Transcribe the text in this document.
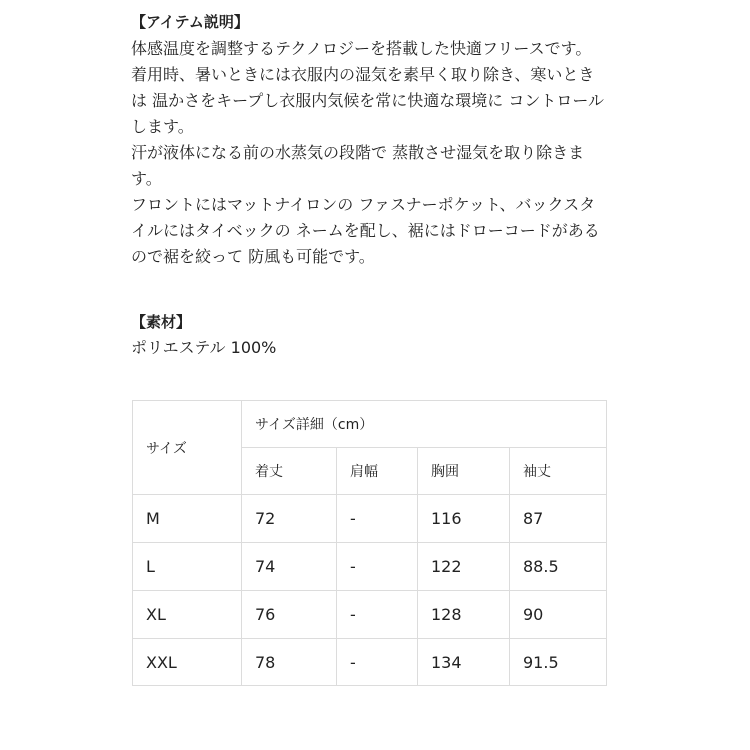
【アイテム説明】
体感温度を調整するテクノロジーを搭載した快適フリースです。
着用時、暑いときには衣服内の湿気を素早く取り除き、寒いとき
は 温かさをキープし衣服内気候を常に快適な環境に コントロール
します。
汗が液体になる前の水蒸気の段階で 蒸散させ湿気を取り除きま
す。
フロントにはマットナイロンの ファスナーポケット、バックスタ
イルにはタイベックの ネームを配し、裾にはドローコードがある
ので裾を絞って 防風も可能です。
【素材】
ポリエステル 100%
サイズ	サイズ詳細（cm）			
	着丈	肩幅	胸囲	袖丈
M	72	-	116	87
L	74	-	122	88.5
XL	76	-	128	90
XXL	78	-	134	91.5
